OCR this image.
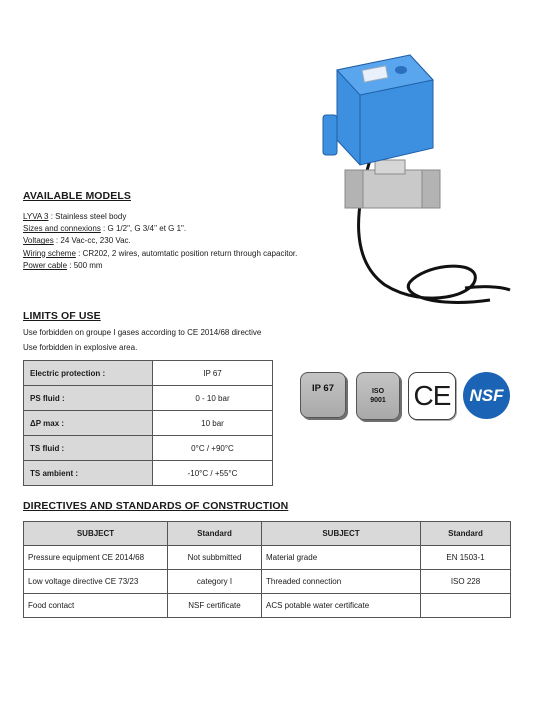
AVAILABLE MODELS
LYVA 3 : Stainless steel body
Sizes and connexions : G 1/2", G 3/4’’ et G 1".
Voltages : 24 Vac-cc, 230 Vac.
Wiring scheme : CR202, 2 wires, automtatic position return through capacitor.
Power cable : 500 mm
LIMITS OF USE
Use forbidden on groupe I gases according to CE 2014/68 directive
Use forbidden in explosive area.
Electric protection :	IP 67
PS fluid :	0 - 10 bar
ΔP max :	10 bar
TS fluid :	0°C / +90°C
TS ambient :	-10°C / +55°C
IP 67	ISO
9001 CE NSF
DIRECTIVES AND STANDARDS OF CONSTRUCTION
SUBJECT	Standard	SUBJECT	Standard
Pressure equipment CE 2014/68	Not subbmitted	Material grade	EN 1503-1
Low voltage directive CE 73/23	category I	Threaded connection	ISO 228
Food contact	NSF certificate	ACS potable water certificate	
